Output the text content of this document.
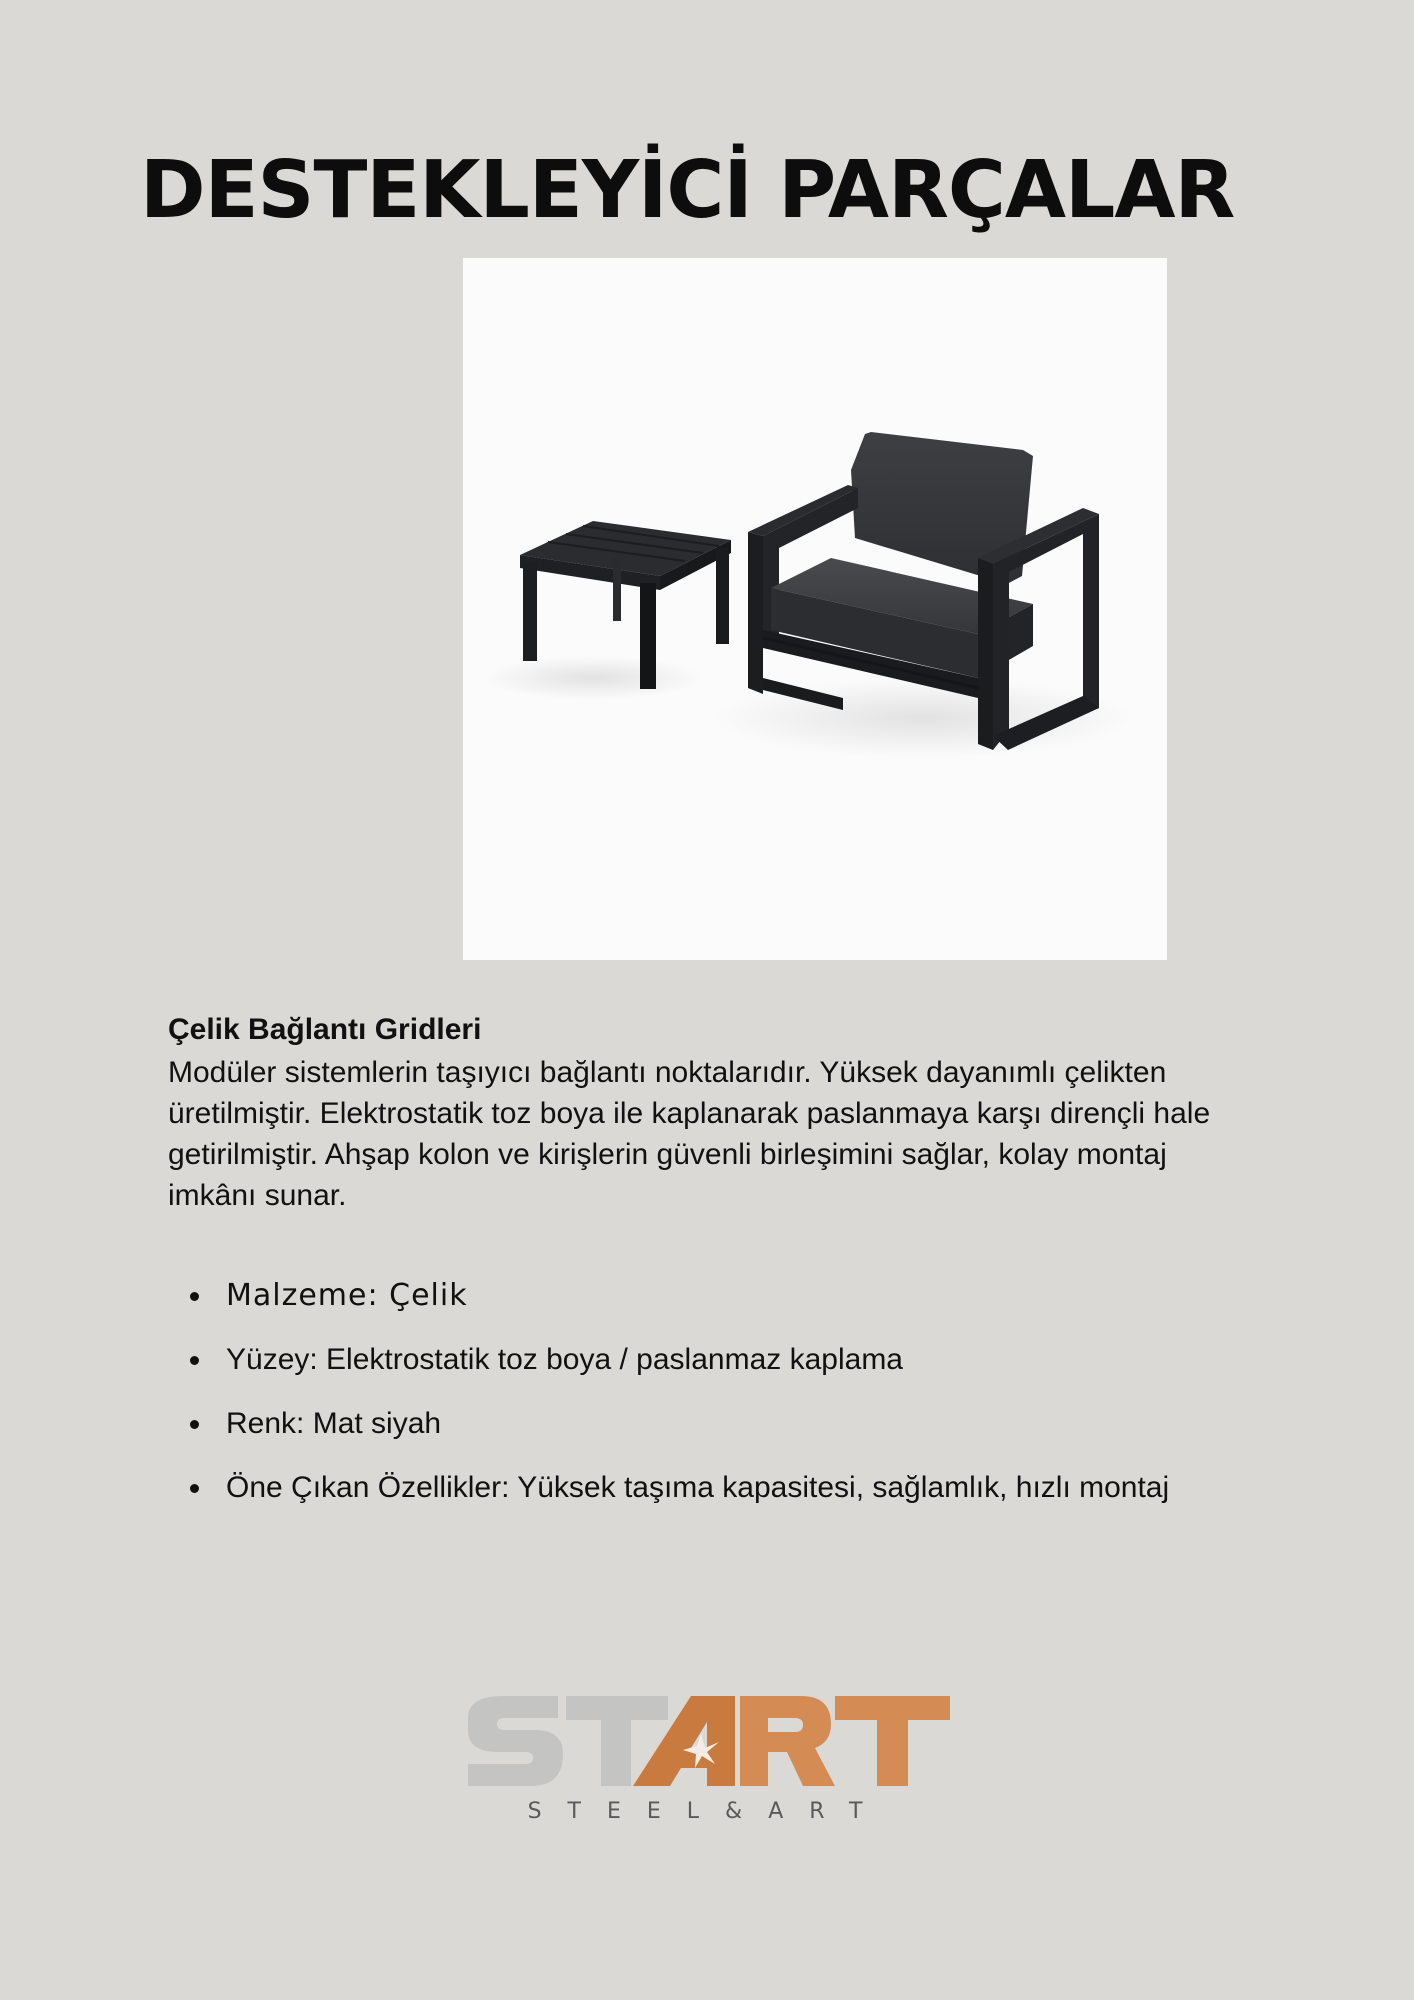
DESTEKLEYİCİ PARÇALAR

Çelik Bağlantı Gridleri

Modüler sistemlerin taşıyıcı bağlantı noktalarıdır. Yüksek dayanımlı çelikten üretilmiştir. Elektrostatik toz boya ile kaplanarak paslanmaya karşı dirençli hale getirilmiştir. Ahşap kolon ve kirişlerin güvenli birleşimini sağlar, kolay montaj imkânı sunar.

Malzeme: Çelik
Yüzey: Elektrostatik toz boya / paslanmaz kaplama
Renk: Mat siyah
Öne Çıkan Özellikler: Yüksek taşıma kapasitesi, sağlamlık, hızlı montaj
STEEL&ART
